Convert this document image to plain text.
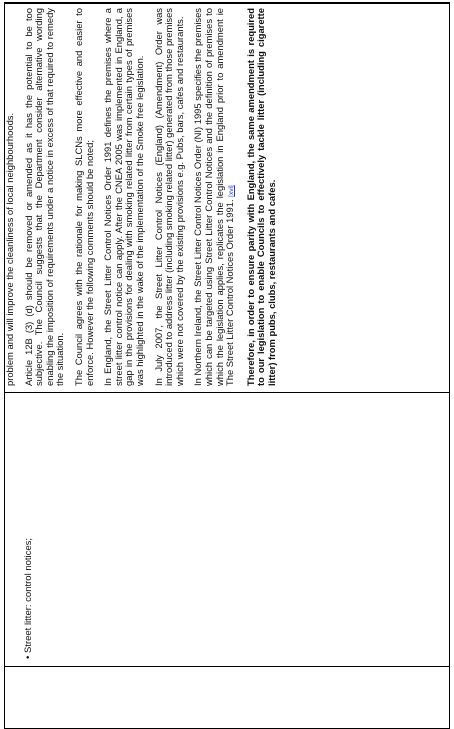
• Street litter: control notices;

problem and will improve the cleanliness of local neighbourhoods. Article 12B (3) (d) should be removed or amended as it has the potential to be too subjective. The Council suggests that the Department consider alternative wording enabling the imposition of requirements under a notice in excess of that required to remedy the situation. The Council agrees with the rationale for making SLCNs more effective and easier to enforce. However the following comments should be noted; In England, the Street Litter Control Notices Order 1991 defines the premises where a street litter control notice can apply. After the CNEA 2005 was implemented in England, a gap in the provisions for dealing with smoking related litter from certain types of premises was highlighted in the wake of the implementation of the Smoke free legislation. In July 2007, the Street Litter Control Notices (England) (Amendment) Order was introduced to address litter (including smoking related litter) generated from those premises which were not covered by the existing provisions e.g. Pubs, bars, cafes and restaurants. In Northern Ireland, the Street Litter Control Notices Order (NI) 1995 specifies the premises which can be targeted using Street Litter Control Notices and the definition of premises to which the legislation applies, replicates the legislation in England prior to amendment ie The Street Litter Control Notices Order 1991. [xvi] Therefore, in order to ensure parity with England, the same amendment is required to our legislation to enable Councils to effectively tackle litter (including cigarette litter) from pubs, clubs, restaurants and cafes.
